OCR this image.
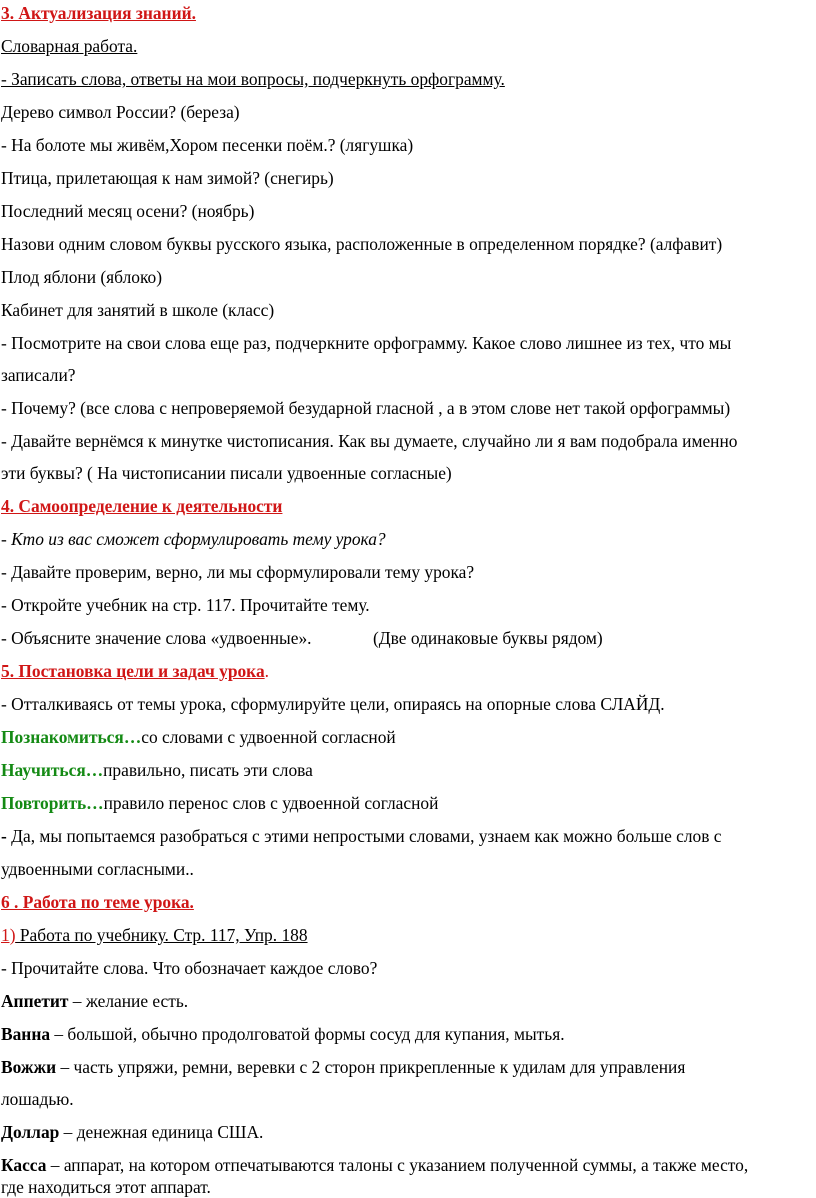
3. Актуализация знаний.
Словарная работа.
- Записать слова, ответы на мои вопросы, подчеркнуть орфограмму.
Дерево символ России? (береза)
- На болоте мы живём,Хором песенки поём.? (лягушка)
Птица, прилетающая к нам зимой? (снегирь)
Последний месяц осени? (ноябрь)
Назови одним словом буквы русского языка, расположенные в определенном порядке? (алфавит)
Плод яблони (яблоко)
Кабинет для занятий в школе (класс)
- Посмотрите на свои слова еще раз, подчеркните орфограмму. Какое слово лишнее из тех, что мы
записали?
- Почему? (все слова с непроверяемой безударной гласной , а в этом слове нет такой орфограммы)
- Давайте вернёмся к минутке чистописания. Как вы думаете, случайно ли я вам подобрала именно
эти буквы? ( На чистописании писали удвоенные согласные)
4. Самоопределение к деятельности
- Кто из вас сможет сформулировать тему урока?
- Давайте проверим, верно, ли мы сформулировали тему урока?
- Откройте учебник на стр. 117. Прочитайте тему.
- Объясните значение слова «удвоенные».	(Две одинаковые буквы рядом)
5. Постановка цели и задач урока.
- Отталкиваясь от темы урока, сформулируйте цели, опираясь на опорные слова СЛАЙД.
Познакомиться…со словами с удвоенной согласной
Научиться…правильно, писать эти слова
Повторить…правило перенос слов с удвоенной согласной
- Да, мы попытаемся разобраться с этими непростыми словами, узнаем как можно больше слов с
удвоенными согласными..
6 . Работа по теме урока.
1) Работа по учебнику. Стр. 117, Упр. 188
- Прочитайте слова. Что обозначает каждое слово?
Аппетит – желание есть.
Ванна – большой, обычно продолговатой формы сосуд для купания, мытья.
Вожжи – часть упряжи, ремни, веревки с 2 сторон прикрепленные к удилам для управления
лошадью.
Доллар – денежная единица США.
Касса – аппарат, на котором отпечатываются талоны с указанием полученной суммы, а также место,
где находиться этот аппарат.
